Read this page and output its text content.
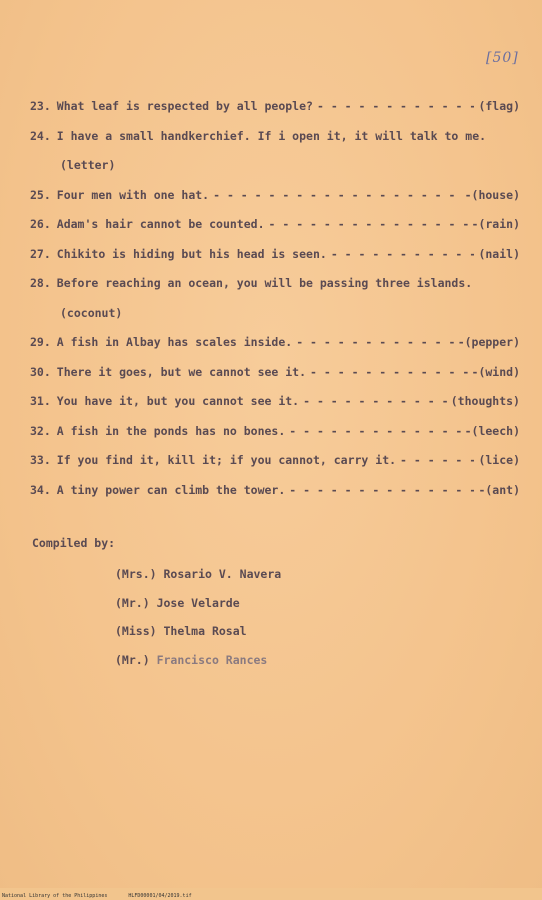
[50]
23. What leaf is respected by all people? - - -	(flag)
24. I have a small handkerchief. If i open it, it will talk to me.
(letter)
25. Four men with one hat. - - -	-(house)
26. Adam's hair cannot be counted. - - -	-(rain)
27. Chikito is hiding but his head is seen. - - -	(nail)
28. Before reaching an ocean, you will be passing three islands.
(coconut)
29. A fish in Albay has scales inside. - - -	-(pepper)
30. There it goes, but we cannot see it. - - -	-(wind)
31. You have it, but you cannot see it. - - -	(thoughts)
32. A fish in the ponds has no bones. - - -	-(leech)
33. If you find it, kill it; if you cannot, carry it. - - -	(lice)
34. A tiny power can climb the tower. - - -	-(ant)
Compiled by:
(Mrs.) Rosario V. Navera
(Mr.) Jose Velarde
(Miss) Thelma Rosal
(Mr.) Francisco Rances
National Library of the Philippines	HLFD00001/04/2019.tif
